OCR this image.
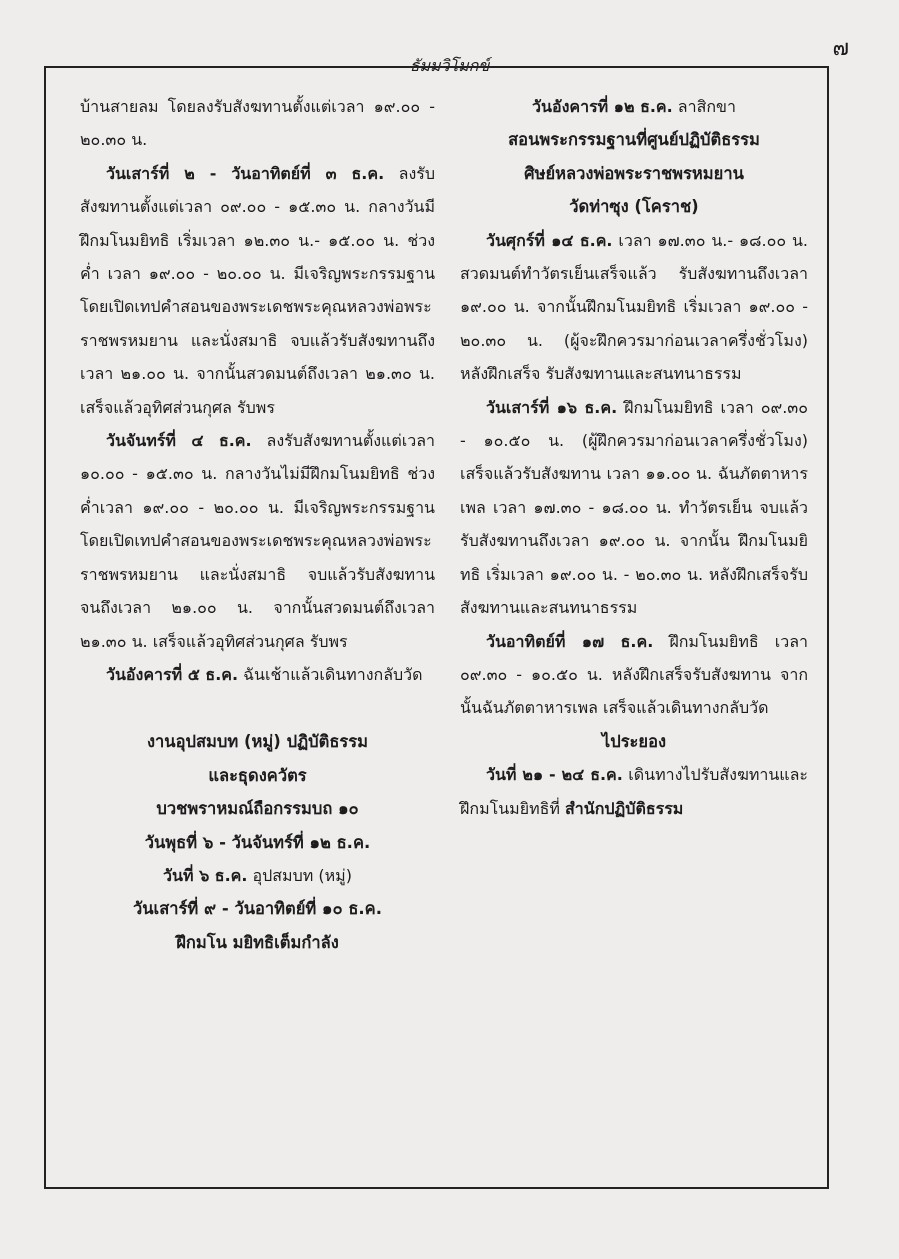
๗
ธัมมวิโมกข์

บ้านสายลม โดยลงรับสังฆทานตั้งแต่เวลา ๑๙.๐๐ - ๒๐.๓๐ น.

วันเสาร์ที่ ๒ - วันอาทิตย์ที่ ๓ ธ.ค. ลงรับสังฆทานตั้งแต่เวลา ๐๙.๐๐ - ๑๕.๓๐ น. กลางวันมีฝึกมโนมยิทธิ เริ่มเวลา ๑๒.๓๐ น.- ๑๕.๐๐ น. ช่วงค่ำ เวลา ๑๙.๐๐ - ๒๐.๐๐ น. มีเจริญพระกรรมฐาน โดยเปิดเทปคำสอนของพระเดชพระคุณหลวงพ่อพระราชพรหมยาน และนั่งสมาธิ จบแล้วรับสังฆทานถึงเวลา ๒๑.๐๐ น. จากนั้นสวดมนต์ถึงเวลา ๒๑.๓๐ น. เสร็จแล้วอุทิศส่วนกุศล รับพร

วันจันทร์ที่ ๔ ธ.ค. ลงรับสังฆทานตั้งแต่เวลา ๑๐.๐๐ - ๑๕.๓๐ น. กลางวันไม่มีฝึกมโนมยิทธิ ช่วงค่ำเวลา ๑๙.๐๐ - ๒๐.๐๐ น. มีเจริญพระกรรมฐาน โดยเปิดเทปคำสอนของพระเดชพระคุณหลวงพ่อพระราชพรหมยาน และนั่งสมาธิ จบแล้วรับสังฆทานจนถึงเวลา ๒๑.๐๐ น. จากนั้นสวดมนต์ถึงเวลา ๒๑.๓๐ น. เสร็จแล้วอุทิศส่วนกุศล รับพร

วันอังคารที่ ๕ ธ.ค. ฉันเช้าแล้วเดินทางกลับวัด

งานอุปสมบท (หมู่) ปฏิบัติธรรม

และธุดงควัตร

บวชพราหมณ์ถือกรรมบถ ๑๐

วันพุธที่ ๖ - วันจันทร์ที่ ๑๒ ธ.ค.

วันที่ ๖ ธ.ค. อุปสมบท (หมู่)

วันเสาร์ที่ ๙ - วันอาทิตย์ที่ ๑๐ ธ.ค.

ฝึกมโน มยิทธิเต็มกำลัง

วันอังคารที่ ๑๒ ธ.ค. ลาสิกขา

สอนพระกรรมฐานที่ศูนย์ปฏิบัติธรรม

ศิษย์หลวงพ่อพระราชพรหมยาน

วัดท่าซุง (โคราช)

วันศุกร์ที่ ๑๔ ธ.ค. เวลา ๑๗.๓๐ น.- ๑๘.๐๐ น. สวดมนต์ทำวัตรเย็นเสร็จแล้ว รับสังฆทานถึงเวลา ๑๙.๐๐ น. จากนั้นฝึกมโนมยิทธิ เริ่มเวลา ๑๙.๐๐ - ๒๐.๓๐ น. (ผู้จะฝึกควรมาก่อนเวลาครึ่งชั่วโมง) หลังฝึกเสร็จ รับสังฆทานและสนทนาธรรม

วันเสาร์ที่ ๑๖ ธ.ค. ฝึกมโนมยิทธิ เวลา ๐๙.๓๐ - ๑๐.๕๐ น. (ผู้ฝึกควรมาก่อนเวลาครึ่งชั่วโมง) เสร็จแล้วรับสังฆทาน เวลา ๑๑.๐๐ น. ฉันภัตตาหารเพล เวลา ๑๗.๓๐ - ๑๘.๐๐ น. ทำวัตรเย็น จบแล้วรับสังฆทานถึงเวลา ๑๙.๐๐ น. จากนั้น ฝึกมโนมยิทธิ เริ่มเวลา ๑๙.๐๐ น. - ๒๐.๓๐ น. หลังฝึกเสร็จรับสังฆทานและสนทนาธรรม

วันอาทิตย์ที่ ๑๗ ธ.ค. ฝึกมโนมยิทธิ เวลา ๐๙.๓๐ - ๑๐.๕๐ น. หลังฝึกเสร็จรับสังฆทาน จากนั้นฉันภัตตาหารเพล เสร็จแล้วเดินทางกลับวัด

ไประยอง

วันที่ ๒๑ - ๒๔ ธ.ค. เดินทางไปรับสังฆทานและฝึกมโนมยิทธิที่ สำนักปฏิบัติธรรม
